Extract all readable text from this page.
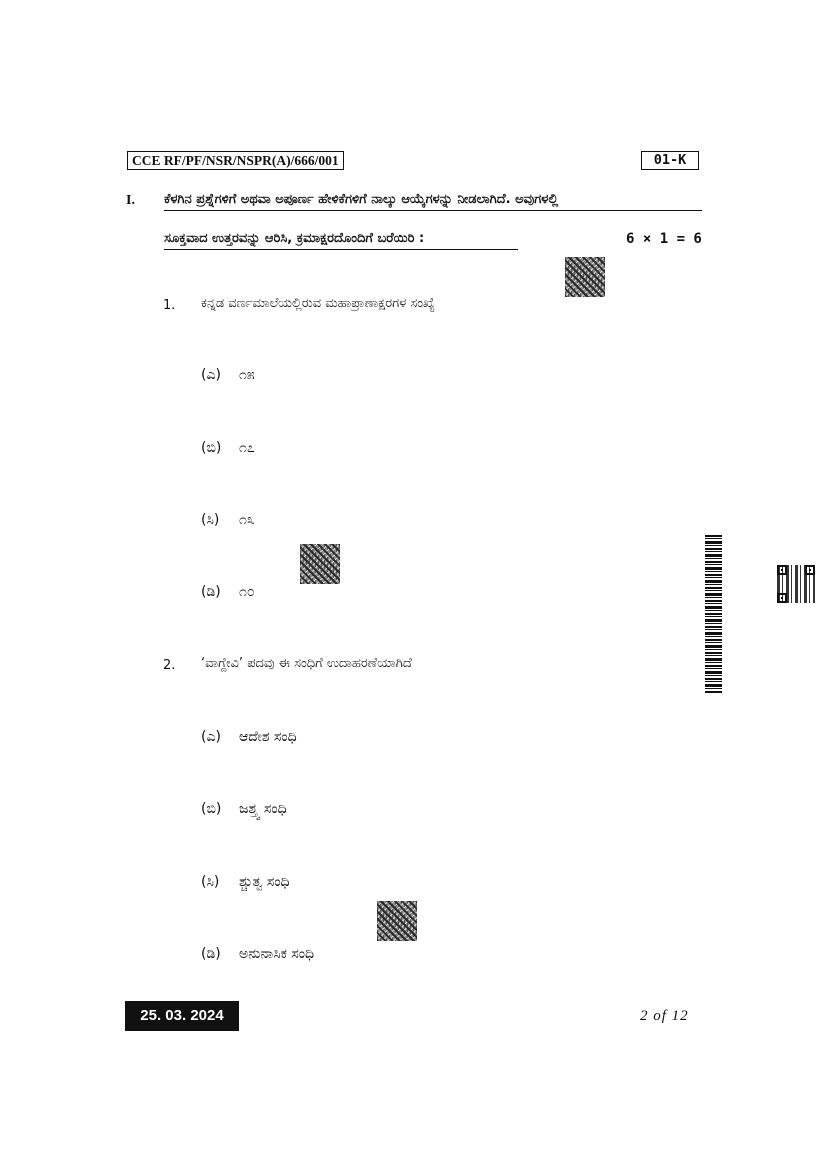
CCE RF/PF/NSR/NSPR(A)/666/001	01-K
I. ಕೆಳಗಿನ ಪ್ರಶ್ನೆಗಳಿಗೆ ಅಥವಾ ಅಪೂರ್ಣ ಹೇಳಿಕೆಗಳಿಗೆ ನಾಲ್ಕು ಆಯ್ಕೆಗಳನ್ನು ನೀಡಲಾಗಿದೆ. ಅವುಗಳಲ್ಲಿ
ಸೂಕ್ತವಾದ ಉತ್ತರವನ್ನು ಆರಿಸಿ, ಕ್ರಮಾಕ್ಷರದೊಂದಿಗೆ ಬರೆಯಿರಿ :	6 × 1 = 6
1. ಕನ್ನಡ ವರ್ಣಮಾಲೆಯಲ್ಲಿರುವ ಮಹಾಪ್ರಾಣಾಕ್ಷರಗಳ ಸಂಖ್ಯೆ
(ಎ) ೧೫
(ಬಿ) ೧೭
(ಸಿ) ೧೩
(ಡಿ) ೧೦
2. ‘ವಾಗ್ದೇವಿ’ ಪದವು ಈ ಸಂಧಿಗೆ ಉದಾಹರಣೆಯಾಗಿದೆ
(ಎ) ಆದೇಶ ಸಂಧಿ
(ಬಿ) ಜಶ್ತ್ವ ಸಂಧಿ
(ಸಿ) ಶ್ಚುತ್ವ ಸಂಧಿ
(ಡಿ) ಅನುನಾಸಿಕ ಸಂಧಿ
25. 03. 2024	2 of 12
